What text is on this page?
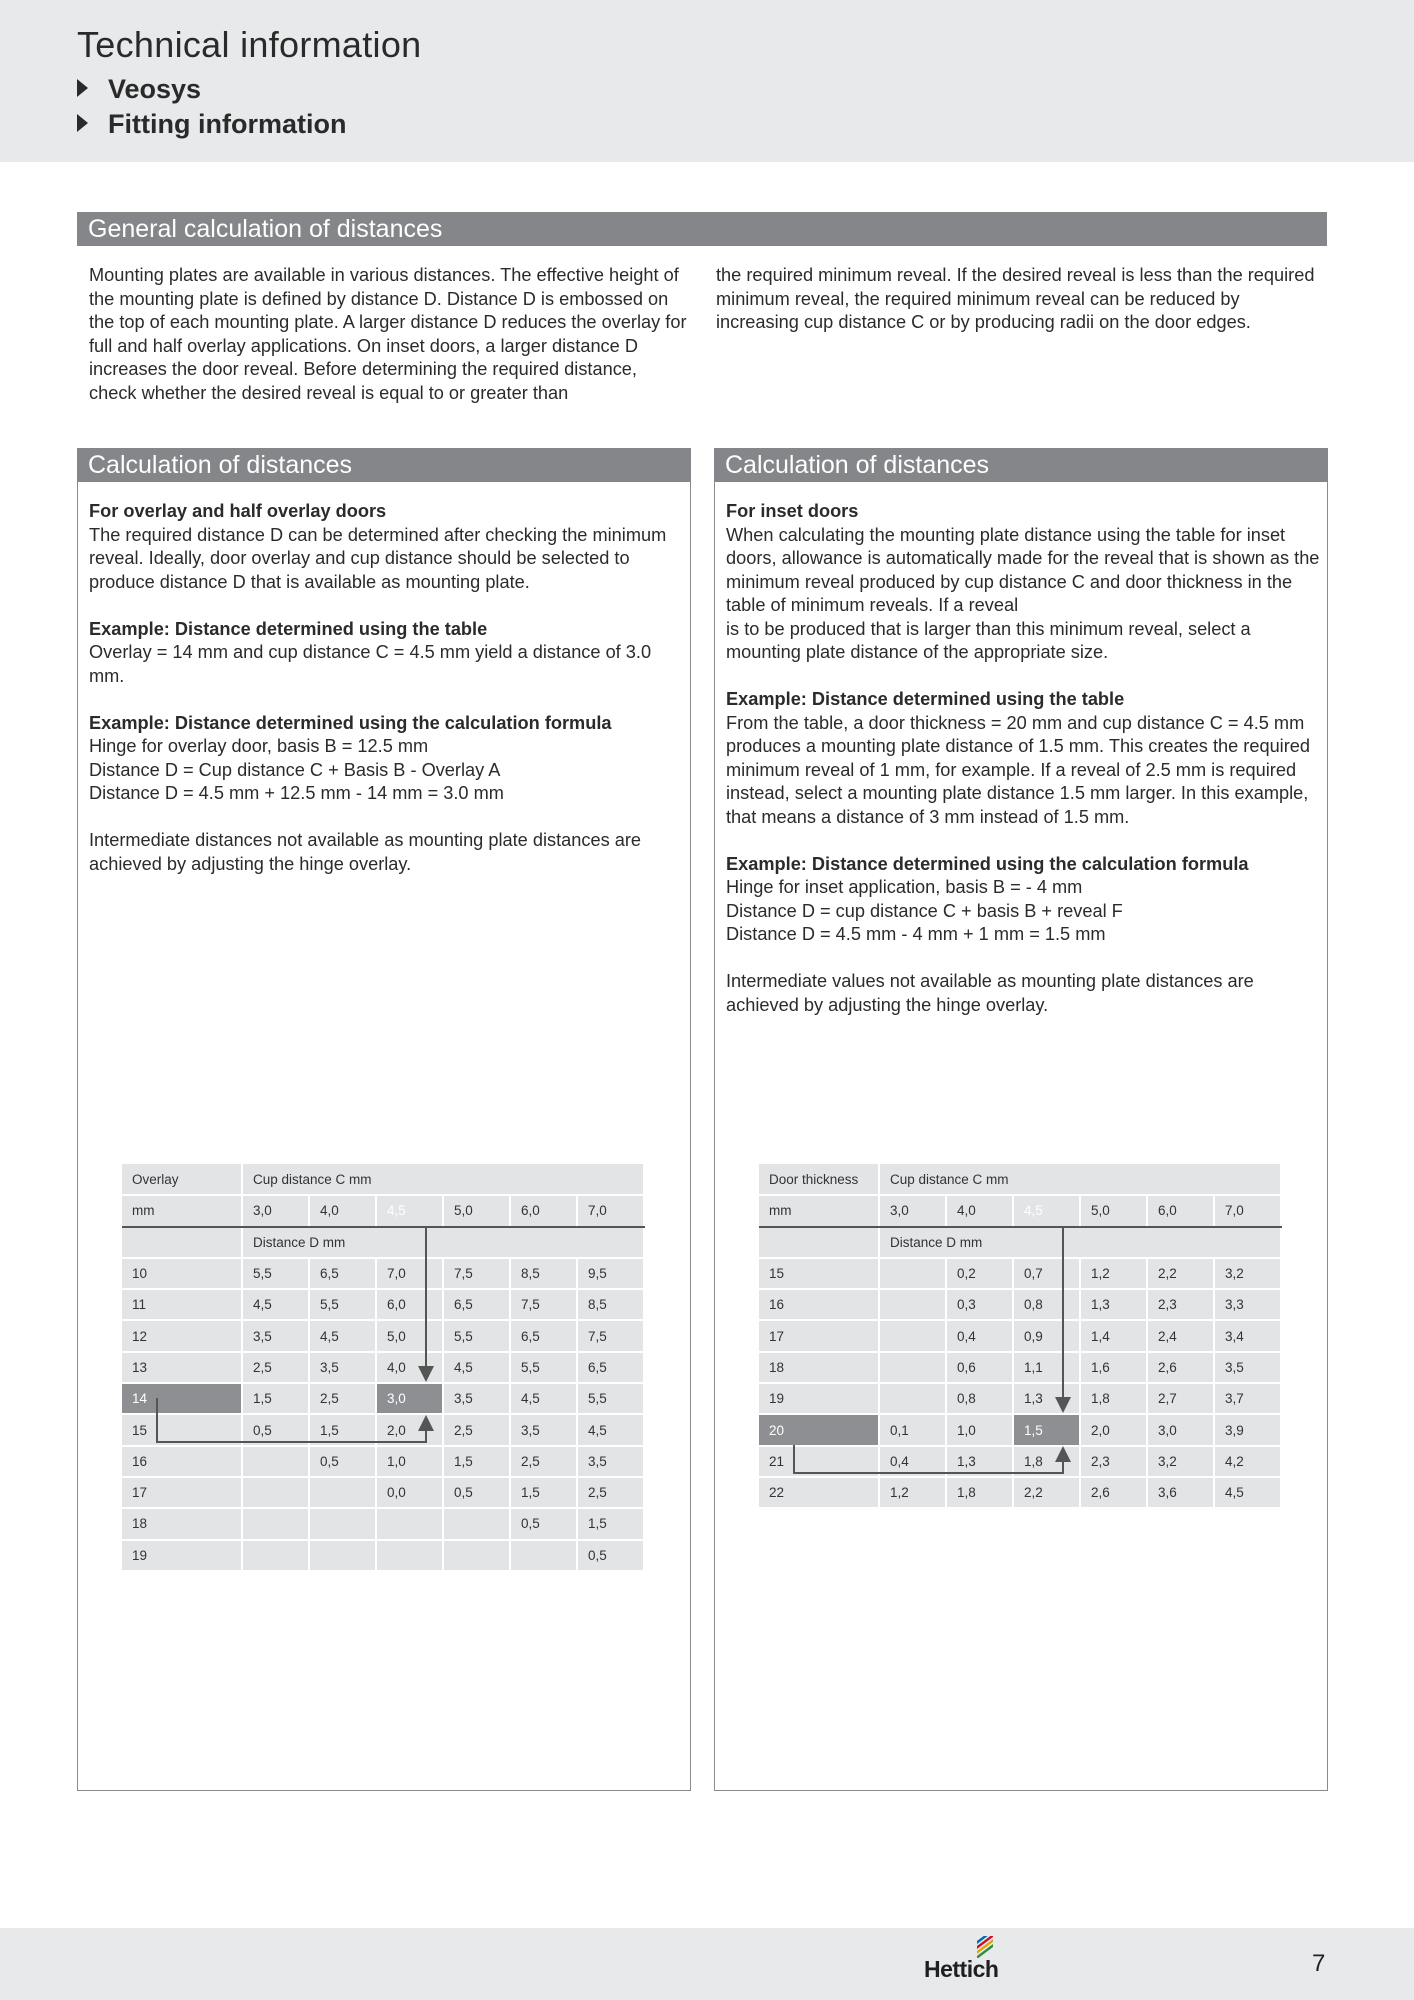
Technical information
Veosys
Fitting information
General calculation of distances
Mounting plates are available in various distances. The effective height of the mounting plate is defined by distance D. Distance D is embossed on the top of each mounting plate. A larger distance D reduces the overlay for full and half overlay applications. On inset doors, a larger distance D increases the door reveal. Before determining the required distance, check whether the desired reveal is equal to or greater than
the required minimum reveal. If the desired reveal is less than the required minimum reveal, the required minimum reveal can be reduced by increasing cup distance C or by producing radii on the door edges.
Calculation of distances
For overlay and half overlay doors
The required distance D can be determined after checking the minimum reveal. Ideally, door overlay and cup distance should be selected to produce distance D that is available as mounting plate.
Example: Distance determined using the table
Overlay = 14 mm and cup distance C = 4.5 mm yield a distance of 3.0 mm.
Example: Distance determined using the calculation formula
Hinge for overlay door, basis B = 12.5 mm
Distance D = Cup distance C + Basis B - Overlay A
Distance D = 4.5 mm + 12.5 mm - 14 mm = 3.0 mm
Intermediate distances not available as mounting plate distances are achieved by adjusting the hinge overlay.
Overlay	Cup distance C mm					
mm	3,0	4,0	4,5	5,0	6,0	7,0
	Distance D mm					
10	5,5	6,5	7,0	7,5	8,5	9,5
11	4,5	5,5	6,0	6,5	7,5	8,5
12	3,5	4,5	5,0	5,5	6,5	7,5
13	2,5	3,5	4,0	4,5	5,5	6,5
14	1,5	2,5	3,0	3,5	4,5	5,5
15	0,5	1,5	2,0	2,5	3,5	4,5
16		0,5	1,0	1,5	2,5	3,5
17			0,0	0,5	1,5	2,5
18					0,5	1,5
19						0,5
Calculation of distances
For inset doors
When calculating the mounting plate distance using the table for inset doors, allowance is automatically made for the reveal that is shown as the minimum reveal produced by cup distance C and door thickness in the table of minimum reveals. If a reveal
is to be produced that is larger than this minimum reveal, select a mounting plate distance of the appropriate size.
Example: Distance determined using the table
From the table, a door thickness = 20 mm and cup distance C = 4.5 mm produces a mounting plate distance of 1.5 mm. This creates the required minimum reveal of 1 mm, for example. If a reveal of 2.5 mm is required instead, select a mounting plate distance 1.5 mm larger. In this example, that means a distance of 3 mm instead of 1.5 mm.
Example: Distance determined using the calculation formula
Hinge for inset application, basis B = - 4 mm
Distance D = cup distance C + basis B + reveal F
Distance D = 4.5 mm - 4 mm + 1 mm = 1.5 mm
Intermediate values not available as mounting plate distances are achieved by adjusting the hinge overlay.
Door thickness	Cup distance C mm					
mm	3,0	4,0	4,5	5,0	6,0	7,0
	Distance D mm					
15		0,2	0,7	1,2	2,2	3,2
16		0,3	0,8	1,3	2,3	3,3
17		0,4	0,9	1,4	2,4	3,4
18		0,6	1,1	1,6	2,6	3,5
19		0,8	1,3	1,8	2,7	3,7
20	0,1	1,0	1,5	2,0	3,0	3,9
21	0,4	1,3	1,8	2,3	3,2	4,2
22	1,2	1,8	2,2	2,6	3,6	4,5
Hettich	7
